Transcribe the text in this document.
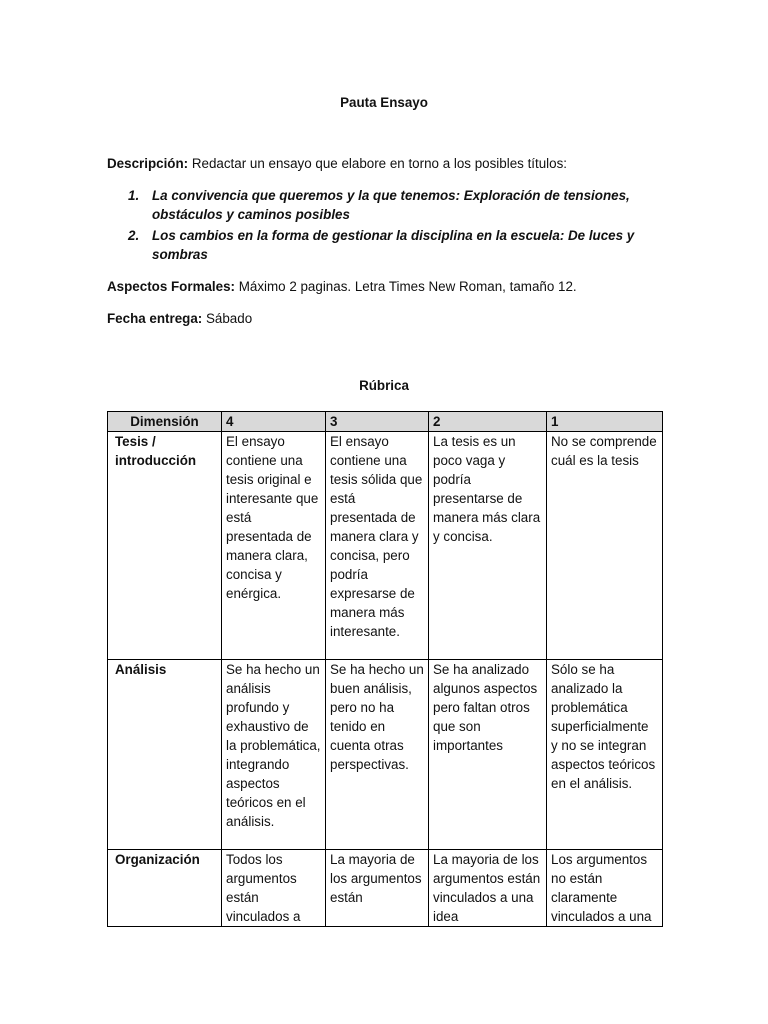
Pauta Ensayo
Descripción: Redactar un ensayo que elabore en torno a los posibles títulos:
1. La convivencia que queremos y la que tenemos: Exploración de tensiones, obstáculos y caminos posibles
2. Los cambios en la forma de gestionar la disciplina en la escuela: De luces y sombras
Aspectos Formales: Máximo 2 paginas. Letra Times New Roman, tamaño 12.
Fecha entrega: Sábado
Rúbrica
Dimensión	4	3	2	1
Tesis / introducción	El ensayo contiene una tesis original e interesante que está presentada de manera clara, concisa y enérgica.	El ensayo contiene una tesis sólida que está presentada de manera clara y concisa, pero podría expresarse de manera más interesante.	La tesis es un poco vaga y podría presentarse de manera más clara y concisa.	No se comprende cuál es la tesis
Análisis	Se ha hecho un análisis profundo y exhaustivo de la problemática, integrando aspectos teóricos en el análisis.	Se ha hecho un buen análisis, pero no ha tenido en cuenta otras perspectivas.	Se ha analizado algunos aspectos pero faltan otros que son importantes	Sólo se ha analizado la problemática superficialmente y no se integran aspectos teóricos en el análisis.

Organización	Todos los argumentos están vinculados a	La mayoria de los argumentos están	La mayoria de los argumentos están vinculados a una idea	Los argumentos no están claramente vinculados a una
